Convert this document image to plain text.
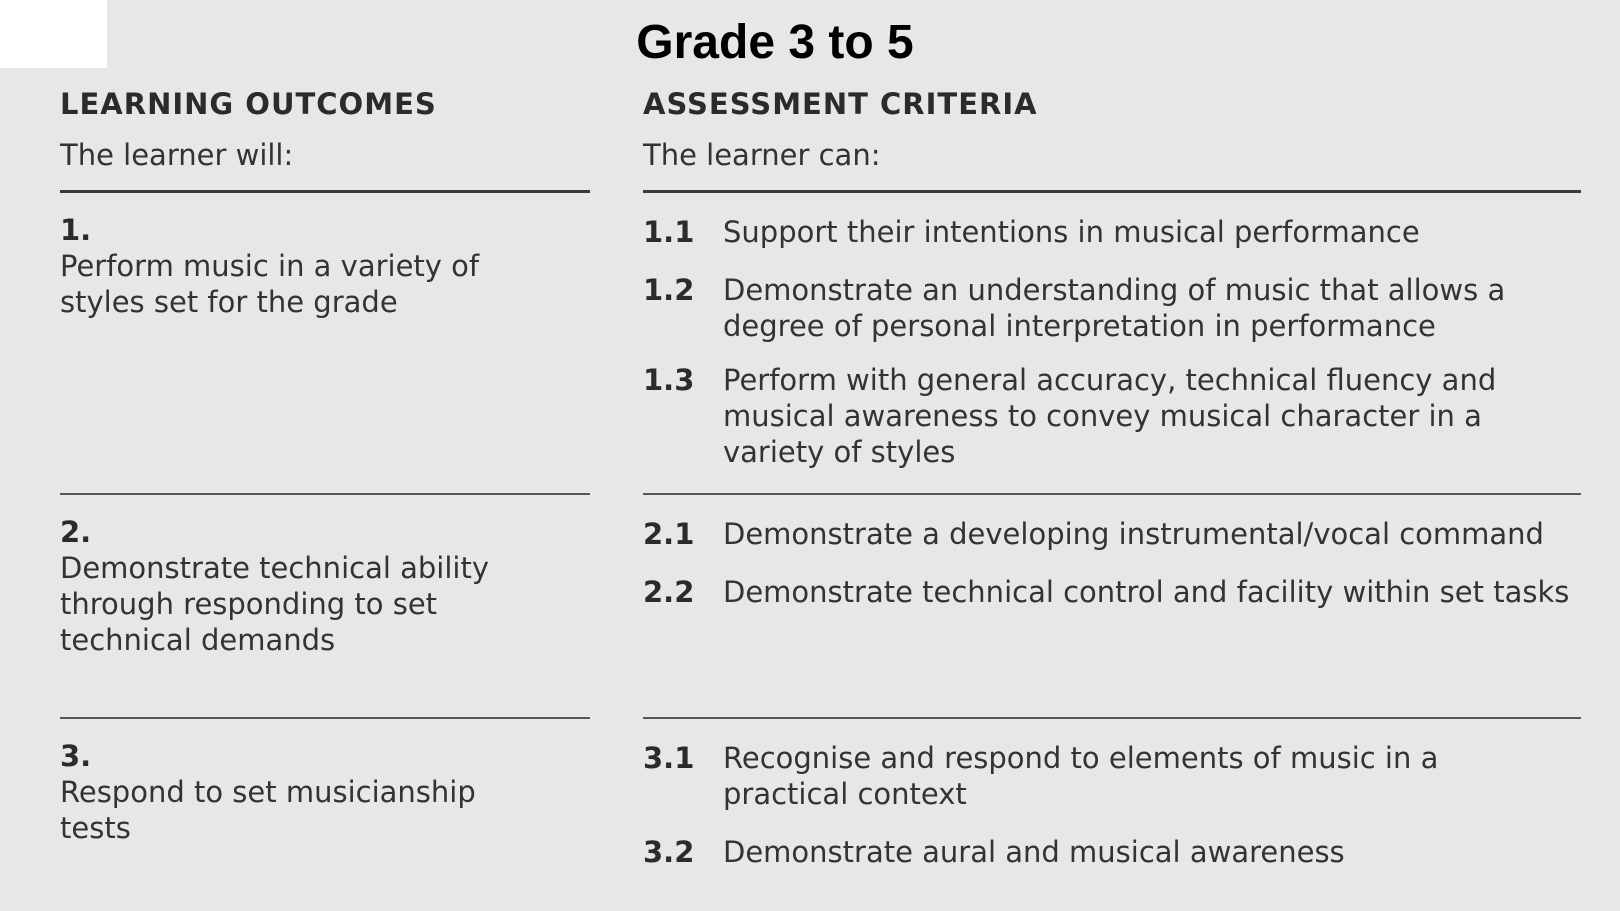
Grade 3 to 5
LEARNING OUTCOMES
The learner will:
1.
Perform music in a variety of styles set for the grade
2.
Demonstrate technical ability through responding to set technical demands
3.
Respond to set musicianship tests
ASSESSMENT CRITERIA
The learner can:
1.1 Support their intentions in musical performance
1.2 Demonstrate an understanding of music that allows a degree of personal interpretation in performance
1.3 Perform with general accuracy, technical fluency and musical awareness to convey musical character in a variety of styles
2.1 Demonstrate a developing instrumental/vocal command
2.2 Demonstrate technical control and facility within set tasks
3.1 Recognise and respond to elements of music in a practical context
3.2 Demonstrate aural and musical awareness
